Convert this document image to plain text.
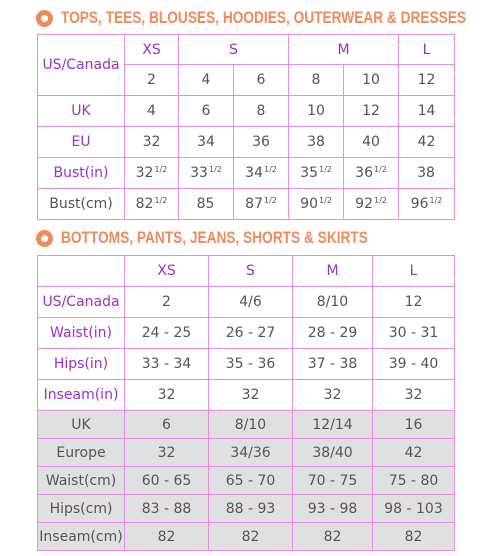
TOPS, TEES, BLOUSES, HOODIES, OUTERWEAR & DRESSES
US/Canada	XS	S		M		L
	2	4	6	8	10	12
UK	4	6	8	10	12	14
EU	32	34	36	38	40	42
Bust(in)	$32^{1/2}$	$33^{1/2}$	$34^{1/2}$	$35^{1/2}$	$36^{1/2}$	38
Bust(cm)	$82^{1/2}$	85	$87^{1/2}$	$90^{1/2}$	$92^{1/2}$	$96^{1/2}$
BOTTOMS, PANTS, JEANS, SHORTS & SKIRTS
	XS	S	M	L
US/Canada	2	4/6	8/10	12
Waist(in)	24 - 25	26 - 27	28 - 29	30 - 31
Hips(in)	33 - 34	35 - 36	37 - 38	39 - 40
Inseam(in)	32	32	32	32
UK	6	8/10	12/14	16
Europe	32	34/36	38/40	42
Waist(cm)	60 - 65	65 - 70	70 - 75	75 - 80
Hips(cm)	83 - 88	88 - 93	93 - 98	98 - 103
Inseam(cm)	82	82	82	82
